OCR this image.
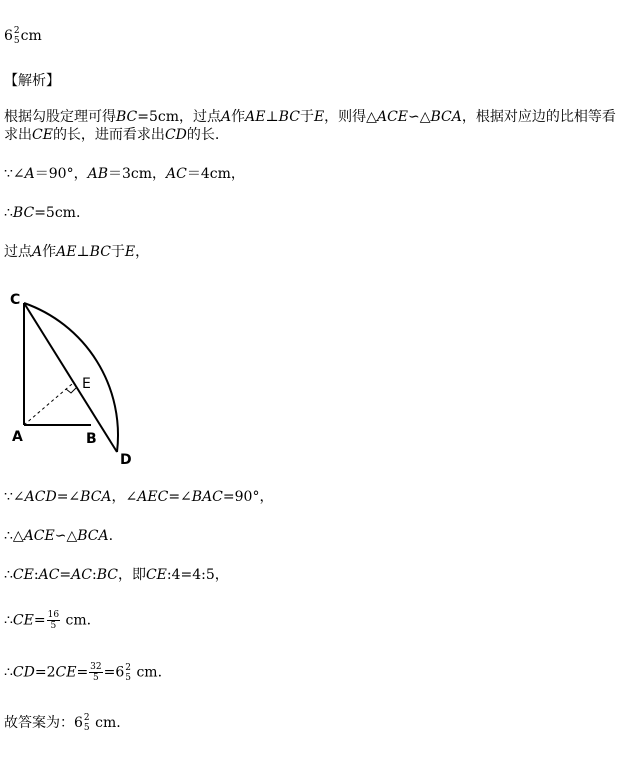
6 2
5 cm
【解析】
根据勾股定理可得BC=5cm，过点A作AE⊥BC于E，则得△ACE∽△BCA，根据对应边的比相等看求出CE的长，进而看求出CD的长.
∵∠A＝90°，AB＝3cm，AC＝4cm，
∴BC=5cm.
过点A作AE⊥BC于E，
C
A	B
D
E
∵∠ACD=∠BCA，∠AEC=∠BAC=90°，
∴△ACE∽△BCA.
∴CE:AC=AC:BC，即CE:4=4:5，
∴CE= $\frac{16}{5}$ cm.
∴CD=2CE= $\frac{32}{5} =6$ 2
5 cm.
故答案为：6 2
5 cm.
